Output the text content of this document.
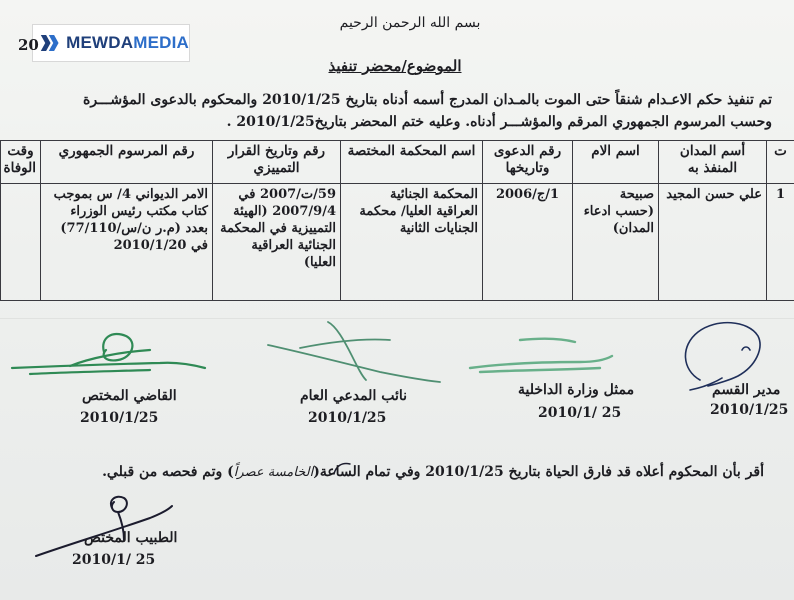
MEWDAMEDIA
20
بسم الله الرحمن الرحيم
الموضوع/محضر تنفيذ
تم تنفيذ حكم الاعـدام شنقاً حتى الموت بالمـدان المدرج أسمه أدناه بتاريخ 2010/1/25 والمحكوم بالدعوى المؤشـــرة
وحسب المرسوم الجمهوري المرقم والمؤشـــر أدناه. وعليه ختم المحضر بتاريخ2010/1/25 .
ت	أسم المدان المنفذ به	اسم الام	رقم الدعوى وتاريخها	اسم المحكمة المختصة	رقم وتاريخ القرار التمييزي	رقم المرسوم الجمهوري	وقت الوفاة
1	علي حسن المجيد	صبيحة (حسب ادعاء المدان)	1/ج/2006	المحكمة الجنائية العراقية العليا/ محكمة الجنايات الثانية	59/ت/2007 في 2007/9/4 (الهيئة التمييزية في المحكمة الجنائية العراقية العليا)	الامر الديواني 4/ س بموجب كتاب مكتب رئيس الوزراء بعدد (م.ر ن/س/77/110) في 2010/1/20	
القاضي المختص
2010/1/25
نائب المدعي العام
2010/1/25
ممثل وزارة الداخلية
2010/1/ 25
مدير القسم
2010/1/25
أقر بأن المحكوم أعلاه قد فارق الحياة بتاريخ 2010/1/25 وفي تمام الساعة(الخامسة عصراً) وتم فحصه من قبلي.
الطبيب المختص
2010/1/ 25
